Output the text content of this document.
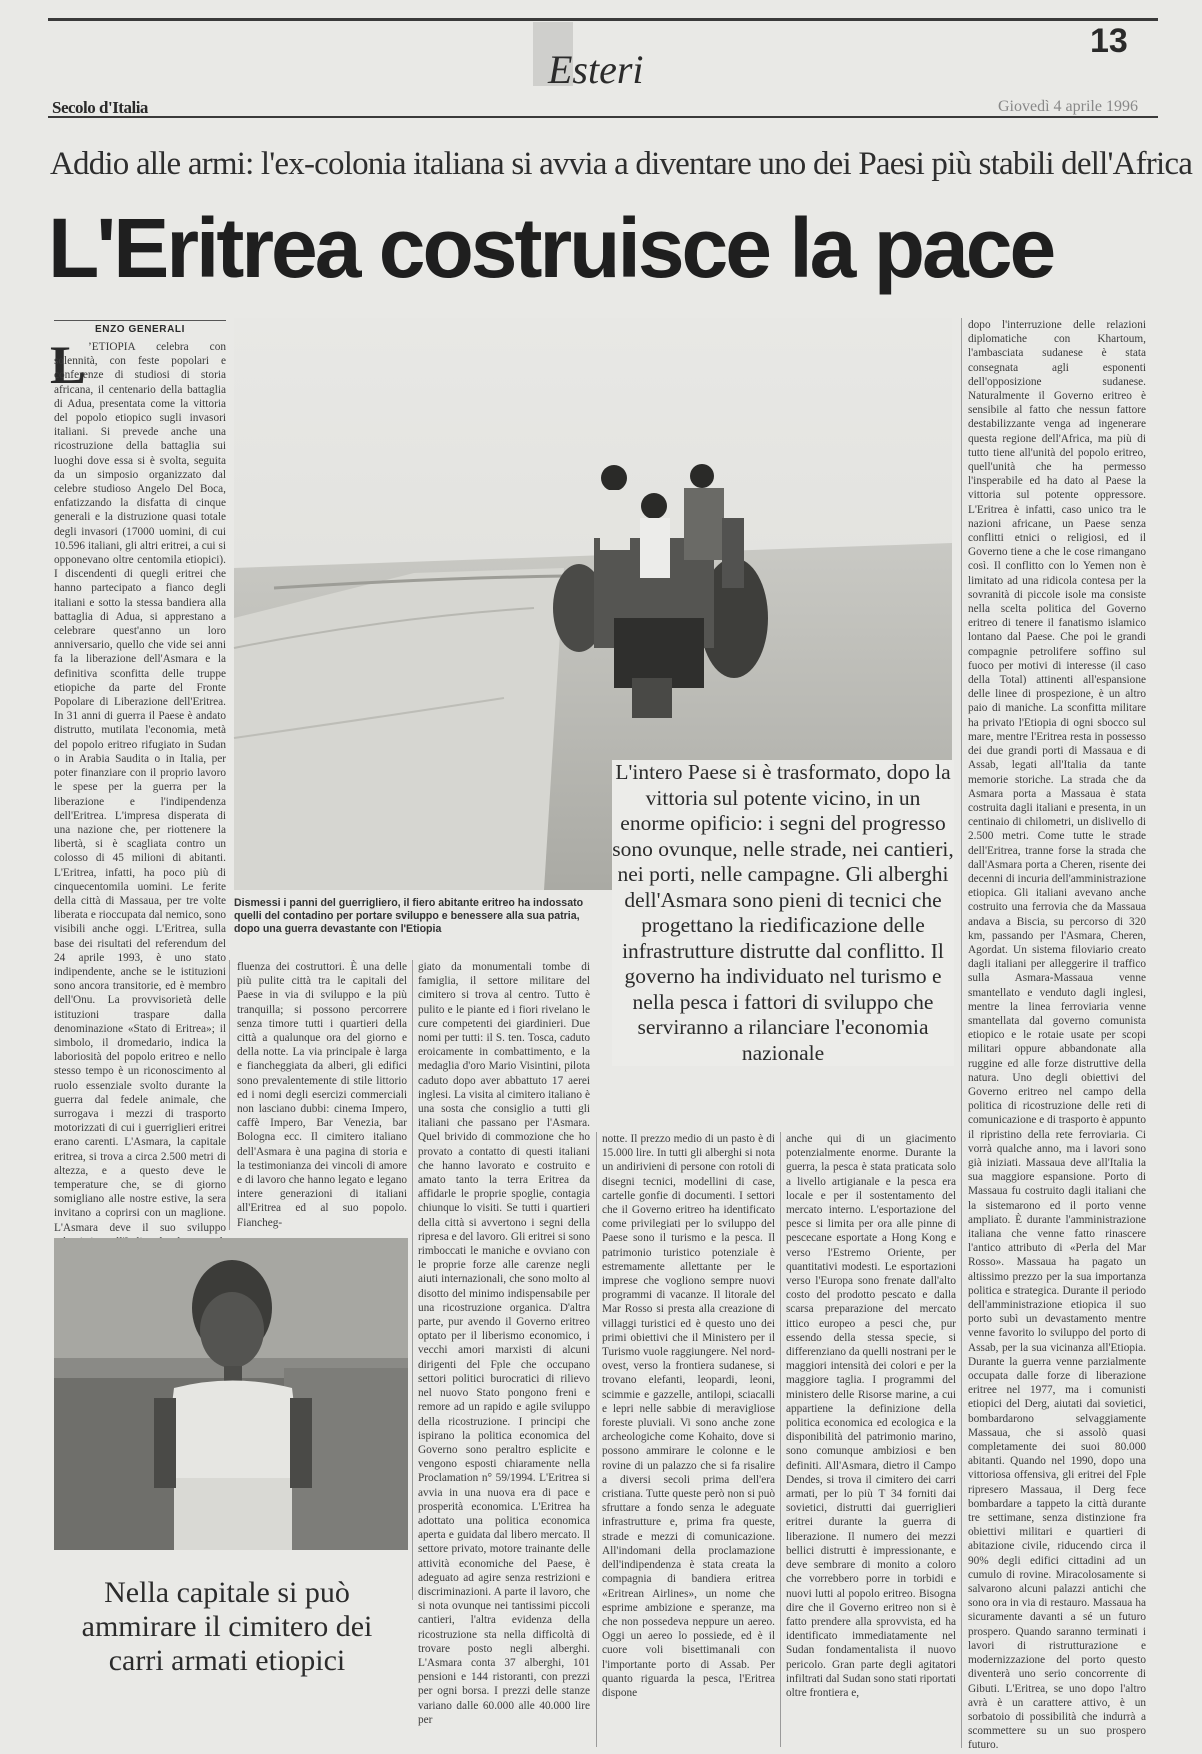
Esteri
13
Secolo d'Italia	Giovedì 4 aprile 1996
Addio alle armi: l'ex-colonia italiana si avvia a diventare uno dei Paesi più stabili dell'Africa
L'Eritrea costruisce la pace
ENZO GENERALI
L ’ETIOPIA celebra con solennità, con feste popolari e conferenze di studiosi di storia africana, il centenario della battaglia di Adua, presentata come la vittoria del popolo etiopico sugli invasori italiani. Si prevede anche una ricostruzione della battaglia sui luoghi dove essa si è svolta, seguita da un simposio organizzato dal celebre studioso Angelo Del Boca, enfatizzando la disfatta di cinque generali e la distruzione quasi totale degli invasori (17000 uomini, di cui 10.596 italiani, gli altri eritrei, a cui si opponevano oltre centomila etiopici). I discendenti di quegli eritrei che hanno partecipato a fianco degli italiani e sotto la stessa bandiera alla battaglia di Adua, si apprestano a celebrare quest'anno un loro anniversario, quello che vide sei anni fa la liberazione dell'Asmara e la definitiva sconfitta delle truppe etiopiche da parte del Fronte Popolare di Liberazione dell'Eritrea. In 31 anni di guerra il Paese è andato distrutto, mutilata l'economia, metà del popolo eritreo rifugiato in Sudan o in Arabia Saudita o in Italia, per poter finanziare con il proprio lavoro le spese per la guerra per la liberazione e l'indipendenza dell'Eritrea. L'impresa disperata di una nazione che, per riottenere la libertà, si è scagliata contro un colosso di 45 milioni di abitanti. L'Eritrea, infatti, ha poco più di cinquecentomila uomini. Le ferite della città di Massaua, per tre volte liberata e rioccupata dal nemico, sono visibili anche oggi. L'Eritrea, sulla base dei risultati del referendum del 24 aprile 1993, è uno stato indipendente, anche se le istituzioni sono ancora transitorie, ed è membro dell'Onu. La provvisorietà delle istituzioni traspare dalla denominazione «Stato di Eritrea»; il simbolo, il dromedario, indica la laboriosità del popolo eritreo e nello stesso tempo è un riconoscimento al ruolo essenziale svolto durante la guerra dal fedele animale, che surrogava i mezzi di trasporto motorizzati di cui i guerriglieri eritrei erano carenti. L'Asmara, la capitale eritrea, si trova a circa 2.500 metri di altezza, e a questo deve le temperature che, se di giorno somigliano alle nostre estive, la sera invitano a coprirsi con un maglione. L'Asmara deve il suo sviluppo
Dismessi i panni del guerrigliero, il fiero abitante eritreo ha indossato quelli del contadino per portare sviluppo e benessere alla sua patria, dopo una guerra devastante con l'Etiopia
L'intero Paese si è trasformato, dopo la vittoria sul potente vicino, in un enorme opificio: i segni del progresso sono ovunque, nelle strade, nei cantieri, nei porti, nelle campagne. Gli alberghi dell'Asmara sono pieni di tecnici che progettano la riedificazione delle infrastrutture distrutte dal conflitto. Il governo ha individuato nel turismo e nella pesca i fattori di sviluppo che serviranno a rilanciare l'economia nazionale
fluenza dei costruttori. È una delle più pulite città tra le capitali del Paese in via di sviluppo e la più tranquilla; si possono percorrere senza timore tutti i quartieri della città a qualunque ora del giorno e della notte. La via principale è larga e fiancheggiata da alberi, gli edifici sono prevalentemente di stile littorio ed i nomi degli esercizi commerciali non lasciano dubbi: cinema Impero, caffè Impero, Bar Venezia, bar Bologna ecc. Il cimitero italiano dell'Asmara è una pagina di storia e la testimonianza dei vincoli di amore e di lavoro che hanno legato e legano intere generazioni di italiani all'Eritrea ed al suo popolo. Fiancheg-
giato da monumentali tombe di famiglia, il settore militare del cimitero si trova al centro. Tutto è pulito e le piante ed i fiori rivelano le cure competenti dei giardinieri. Due nomi per tutti: il S. ten. Tosca, caduto eroicamente in combattimento, e la medaglia d'oro Mario Visintini, pilota caduto dopo aver abbattuto 17 aerei inglesi. La visita al cimitero italiano è una sosta che consiglio a tutti gli italiani che passano per l'Asmara. Quel brivido di commozione che ho provato a contatto di questi italiani che hanno lavorato e costruito e amato tanto la terra Eritrea da affidarle le proprie spoglie, contagia chiunque lo visiti. Se tutti i quartieri della città si avvertono i segni della ripresa e del lavoro. Gli eritrei si sono rimboccati le maniche e ovviano con le proprie forze alle carenze negli aiuti internazionali, che sono molto al disotto del minimo indispensabile per una ricostruzione organica. D'altra parte, pur avendo il Governo eritreo optato per il liberismo economico, i vecchi amori marxisti di alcuni dirigenti del Fple che occupano settori politici burocratici di rilievo nel nuovo Stato pongono freni e remore ad un rapido e agile sviluppo della ricostruzione. I principi che ispirano la politica economica del Governo sono peraltro esplicite e vengono esposti chiaramente nella Proclamation n° 59/1994. L'Eritrea si avvia in una nuova era di pace e prosperità economica. L'Eritrea ha adottato una politica economica aperta e guidata dal libero mercato. Il settore privato, motore trainante delle attività economiche del Paese, è adeguato ad agire senza restrizioni e discriminazioni. A parte il lavoro, che si nota ovunque nei tantissimi piccoli cantieri, l'altra evidenza della ricostruzione sta nella difficoltà di trovare posto negli alberghi. L'Asmara conta 37 alberghi, 101 pensioni e 144 ristoranti, con prezzi per ogni borsa. I prezzi delle stanze variano dalle 60.000 alle 40.000 lire per
notte. Il prezzo medio di un pasto è di 15.000 lire. In tutti gli alberghi si nota un andirivieni di persone con rotoli di disegni tecnici, modellini di case, cartelle gonfie di documenti. I settori che il Governo eritreo ha identificato come privilegiati per lo sviluppo del Paese sono il turismo e la pesca. Il patrimonio turistico potenziale è estremamente allettante per le imprese che vogliono sempre nuovi programmi di vacanze. Il litorale del Mar Rosso si presta alla creazione di villaggi turistici ed è questo uno dei primi obiettivi che il Ministero per il Turismo vuole raggiungere. Nel nord-ovest, verso la frontiera sudanese, si trovano elefanti, leopardi, leoni, scimmie e gazzelle, antilopi, sciacalli e lepri nelle sabbie di meravigliose foreste pluviali. Vi sono anche zone archeologiche come Kohaito, dove si possono ammirare le colonne e le rovine di un palazzo che si fa risalire a diversi secoli prima dell'era cristiana. Tutte queste però non si può sfruttare a fondo senza le adeguate infrastrutture e, prima fra queste, strade e mezzi di comunicazione. All'indomani della proclamazione dell'indipendenza è stata creata la compagnia di bandiera eritrea «Eritrean Airlines», un nome che esprime ambizione e speranze, ma che non possedeva neppure un aereo. Oggi un aereo lo possiede, ed è il cuore voli bisettimanali con l'importante porto di Assab. Per quanto riguarda la pesca, l'Eritrea dispone
anche qui di un giacimento potenzialmente enorme. Durante la guerra, la pesca è stata praticata solo a livello artigianale e la pesca era locale e per il sostentamento del mercato interno. L'esportazione del pesce si limita per ora alle pinne di pescecane esportate a Hong Kong e verso l'Estremo Oriente, per quantitativi modesti. Le esportazioni verso l'Europa sono frenate dall'alto costo del prodotto pescato e dalla scarsa preparazione del mercato ittico europeo a pesci che, pur essendo della stessa specie, si differenziano da quelli nostrani per le maggiori intensità dei colori e per la maggiore taglia. I programmi del ministero delle Risorse marine, a cui appartiene la definizione della politica economica ed ecologica e la disponibilità del patrimonio marino, sono comunque ambiziosi e ben definiti. All'Asmara, dietro il Campo Dendes, si trova il cimitero dei carri armati, per lo più T 34 forniti dai sovietici, distrutti dai guerriglieri eritrei durante la guerra di liberazione. Il numero dei mezzi bellici distrutti è impressionante, e deve sembrare di monito a coloro che vorrebbero porre in torbidi e nuovi lutti al popolo eritreo. Bisogna dire che il Governo eritreo non si è fatto prendere alla sprovvista, ed ha identificato immediatamente nel Sudan fondamentalista il nuovo pericolo. Gran parte degli agitatori infiltrati dal Sudan sono stati riportati oltre frontiera e,
dopo l'interruzione delle relazioni diplomatiche con Khartoum, l'ambasciata sudanese è stata consegnata agli esponenti dell'opposizione sudanese. Naturalmente il Governo eritreo è sensibile al fatto che nessun fattore destabilizzante venga ad ingenerare questa regione dell'Africa, ma più di tutto tiene all'unità del popolo eritreo, quell'unità che ha permesso l'insperabile ed ha dato al Paese la vittoria sul potente oppressore. L'Eritrea è infatti, caso unico tra le nazioni africane, un Paese senza conflitti etnici o religiosi, ed il Governo tiene a che le cose rimangano così. Il conflitto con lo Yemen non è limitato ad una ridicola contesa per la sovranità di piccole isole ma consiste nella scelta politica del Governo eritreo di tenere il fanatismo islamico lontano dal Paese. Che poi le grandi compagnie petrolifere soffino sul fuoco per motivi di interesse (il caso della Total) attinenti all'espansione delle linee di prospezione, è un altro paio di maniche. La sconfitta militare ha privato l'Etiopia di ogni sbocco sul mare, mentre l'Eritrea resta in possesso dei due grandi porti di Massaua e di Assab, legati all'Italia da tante memorie storiche. La strada che da Asmara porta a Massaua è stata costruita dagli italiani e presenta, in un centinaio di chilometri, un dislivello di 2.500 metri. Come tutte le strade dell'Eritrea, tranne forse la strada che dall'Asmara porta a Cheren, risente dei decenni di incuria dell'amministrazione etiopica. Gli italiani avevano anche costruito una ferrovia che da Massaua andava a Biscia, su percorso di 320 km, passando per l'Asmara, Cheren, Agordat. Un sistema filoviario creato dagli italiani per alleggerire il traffico sulla Asmara-Massaua venne smantellato e venduto dagli inglesi, mentre la linea ferroviaria venne smantellata dal governo comunista etiopico e le rotaie usate per scopi militari oppure abbandonate alla ruggine ed alle forze distruttive della natura. Uno degli obiettivi del Governo eritreo nel campo della politica di ricostruzione delle reti di comunicazione e di trasporto è appunto il ripristino della rete ferroviaria. Ci vorrà qualche anno, ma i lavori sono già iniziati. Massaua deve all'Italia la sua maggiore espansione. Porto di Massaua fu costruito dagli italiani che la sistemarono ed il porto venne ampliato. È durante l'amministrazione italiana che venne fatto rinascere l'antico attributo di «Perla del Mar Rosso». Massaua ha pagato un altissimo prezzo per la sua importanza politica e strategica. Durante il periodo dell'amministrazione etiopica il suo porto subì un devastamento mentre venne favorito lo sviluppo del porto di Assab, per la sua vicinanza all'Etiopia. Durante la guerra venne parzialmente occupata dalle forze di liberazione eritree nel 1977, ma i comunisti etiopici del Derg, aiutati dai sovietici, bombardarono selvaggiamente Massaua, che si assolò quasi completamente dei suoi 80.000 abitanti. Quando nel 1990, dopo una vittoriosa offensiva, gli eritrei del Fple ripresero Massaua, il Derg fece bombardare a tappeto la città durante tre settimane, senza distinzione fra obiettivi militari e quartieri di abitazione civile, riducendo circa il 90% degli edifici cittadini ad un cumulo di rovine. Miracolosamente si salvarono alcuni palazzi antichi che sono ora in via di restauro. Massaua ha sicuramente davanti a sé un futuro prospero. Quando saranno terminati i lavori di ristrutturazione e modernizzazione del porto questo diventerà uno serio concorrente di Gibuti. L'Eritrea, se uno dopo l'altro avrà è un carattere attivo, è un sorbatoio di possibilità che indurrà a scommettere su un suo prospero futuro.
Nella capitale si può ammirare il cimitero dei carri armati etiopici
